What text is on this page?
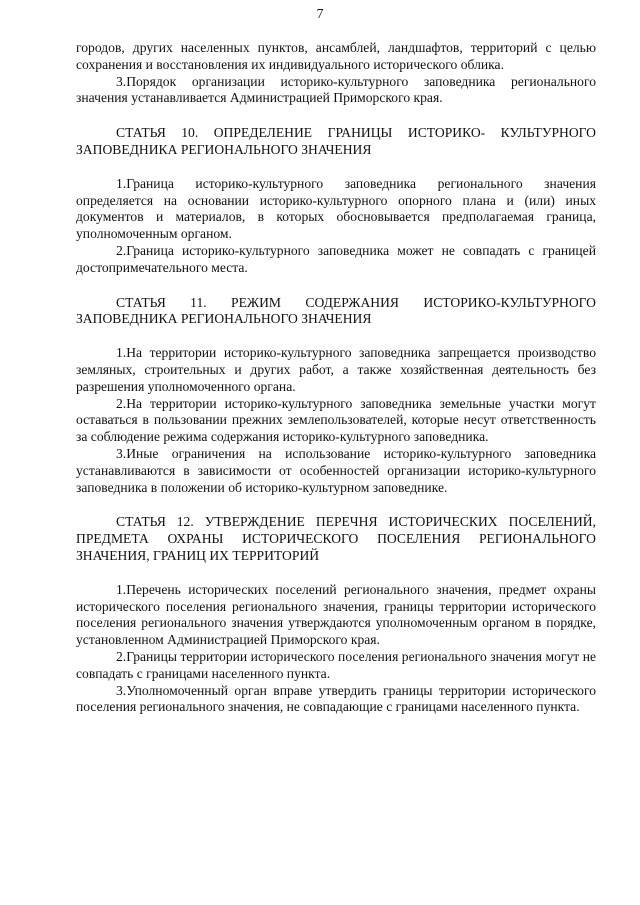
7

городов, других населенных пунктов, ансамблей, ландшафтов, территорий с целью сохранения и восстановления их индивидуального исторического облика.

3.Порядок организации историко-культурного заповедника регионального значения устанавливается Администрацией Приморского края.

СТАТЬЯ 10. ОПРЕДЕЛЕНИЕ ГРАНИЦЫ ИСТОРИКО- КУЛЬТУРНОГО ЗАПОВЕДНИКА РЕГИОНАЛЬНОГО ЗНАЧЕНИЯ

1.Граница историко-культурного заповедника регионального значения определяется на основании историко-культурного опорного плана и (или) иных документов и материалов, в которых обосновывается предполагаемая граница, уполномоченным органом.

2.Граница историко-культурного заповедника может не совпадать с границей достопримечательного места.

СТАТЬЯ 11. РЕЖИМ СОДЕРЖАНИЯ ИСТОРИКО-КУЛЬТУРНОГО ЗАПОВЕДНИКА РЕГИОНАЛЬНОГО ЗНАЧЕНИЯ

1.На территории историко-культурного заповедника запрещается производство земляных, строительных и других работ, а также хозяйственная деятельность без разрешения уполномоченного органа.

2.На территории историко-культурного заповедника земельные участки могут оставаться в пользовании прежних землепользователей, которые несут ответственность за соблюдение режима содержания историко-культурного заповедника.

3.Иные ограничения на использование историко-культурного заповедника устанавливаются в зависимости от особенностей организации историко-культурного заповедника в положении об историко-культурном заповеднике.

СТАТЬЯ 12. УТВЕРЖДЕНИЕ ПЕРЕЧНЯ ИСТОРИЧЕСКИХ ПОСЕЛЕНИЙ, ПРЕДМЕТА ОХРАНЫ ИСТОРИЧЕСКОГО ПОСЕЛЕНИЯ РЕГИОНАЛЬНОГО ЗНАЧЕНИЯ, ГРАНИЦ ИХ ТЕРРИТОРИЙ

1.Перечень исторических поселений регионального значения, предмет охраны исторического поселения регионального значения, границы территории исторического поселения регионального значения утверждаются уполномоченным органом в порядке, установленном Администрацией Приморского края.

2.Границы территории исторического поселения регионального значения могут не совпадать с границами населенного пункта.

3.Уполномоченный орган вправе утвердить границы территории исторического поселения регионального значения, не совпадающие с границами населенного пункта.
